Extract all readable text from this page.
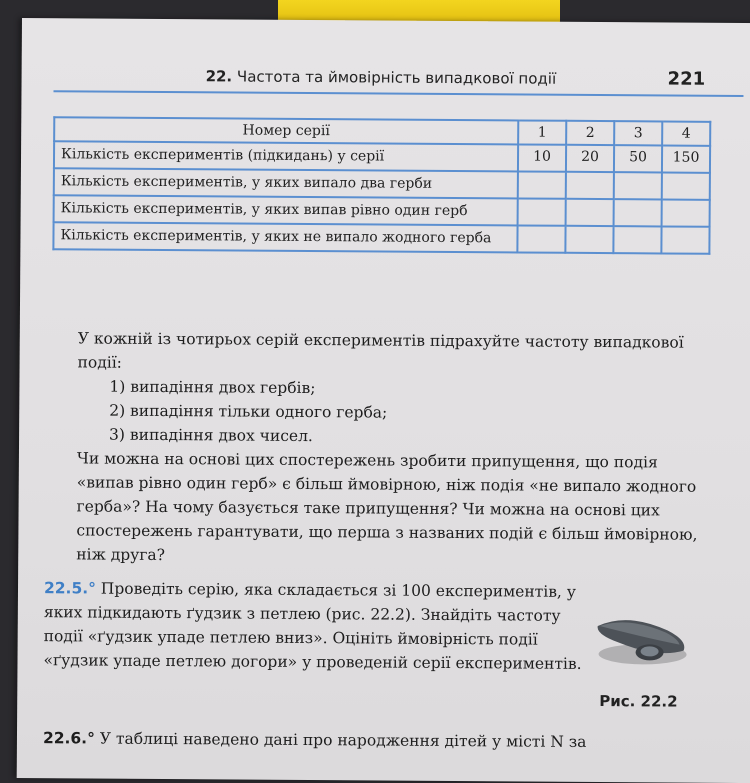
22. Частота та ймовірність випадкової події	221
Номер серії	1	2	3	4
Кількість експериментів (підкидань) у серії	10	20	50	150
Кількість експериментів, у яких випало два герби				
Кількість експериментів, у яких випав рівно один герб				
Кількість експериментів, у яких не випало жодного герба				

У кожній із чотирьох серій експериментів підрахуйте частоту випадкової події:

1) випадіння двох гербів;

2) випадіння тільки одного герба;

3) випадіння двох чисел.

Чи можна на основі цих спостережень зробити припущення, що подія «випав рівно один герб» є більш ймовірною, ніж подія «не випало жодного герба»? На чому базується таке припущення? Чи можна на основі цих спостережень гарантувати, що перша з названих подій є більш ймовірною, ніж друга?

22.5.° Проведіть серію, яка складається зі 100 експериментів, у яких підкидають ґудзик з петлею (рис. 22.2). Знайдіть частоту події «ґудзик упаде петлею вниз». Оцініть ймовірність події «ґудзик упаде петлею догори» у проведеній серії експериментів.
Рис. 22.2
22.6.° У таблиці наведено дані про народження дітей у місті N за
